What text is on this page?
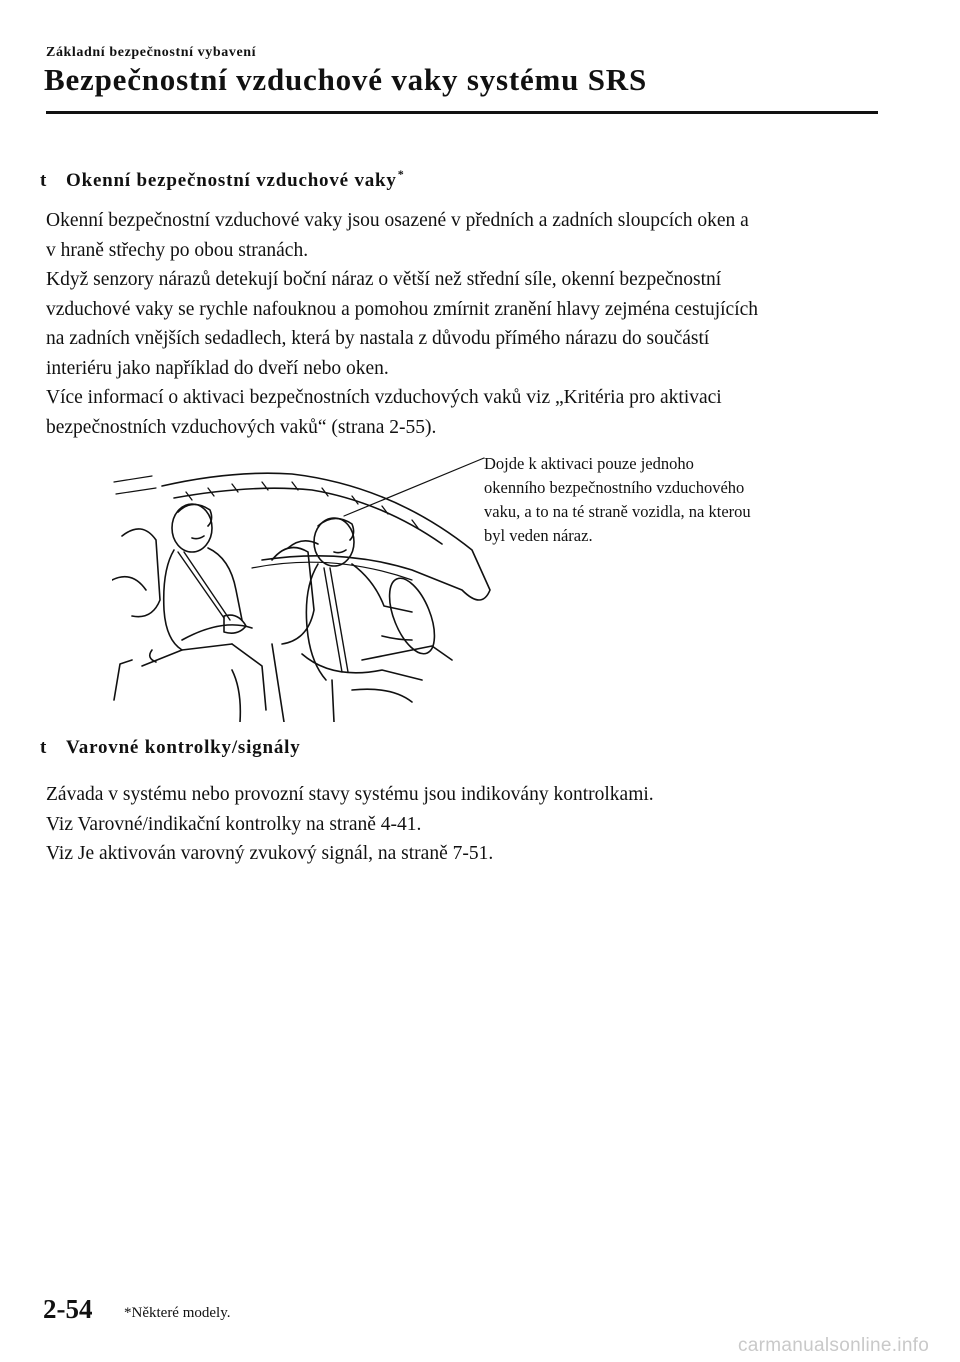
Základní bezpečnostní vybavení
Bezpečnostní vzduchové vaky systému SRS
t Okenní bezpečnostní vzduchové vaky*

Okenní bezpečnostní vzduchové vaky jsou osazené v předních a zadních sloupcích oken a

v hraně střechy po obou stranách.

Když senzory nárazů detekují boční náraz o větší než střední síle, okenní bezpečnostní

vzduchové vaky se rychle nafouknou a pomohou zmírnit zranění hlavy zejména cestujících

na zadních vnějších sedadlech, která by nastala z důvodu přímého nárazu do součástí

interiéru jako například do dveří nebo oken.

Více informací o aktivaci bezpečnostních vzduchových vaků viz „Kritéria pro aktivaci

bezpečnostních vzduchových vaků“ (strana 2-55).

Dojde k aktivaci pouze jednoho

okenního bezpečnostního vzduchového

vaku, a to na té straně vozidla, na kterou

byl veden náraz.

t Varovné kontrolky/signály

Závada v systému nebo provozní stavy systému jsou indikovány kontrolkami.

Viz Varovné/indikační kontrolky na straně 4-41.

Viz Je aktivován varovný zvukový signál, na straně 7-51.

2-54 *Některé modely.
carmanualsonline.info
